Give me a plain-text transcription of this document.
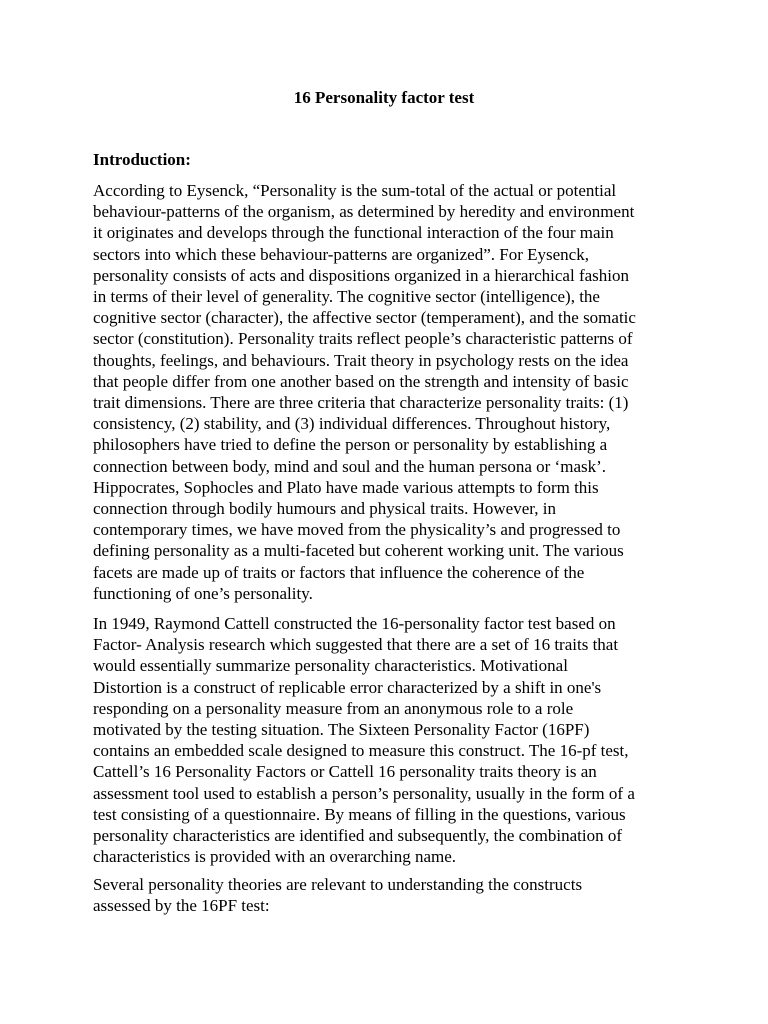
16 Personality factor test
Introduction:

According to Eysenck, “Personality is the sum-total of the actual or potential
behaviour-patterns of the organism, as determined by heredity and environment
it originates and develops through the functional interaction of the four main
sectors into which these behaviour-patterns are organized”. For Eysenck,
personality consists of acts and dispositions organized in a hierarchical fashion
in terms of their level of generality. The cognitive sector (intelligence), the
cognitive sector (character), the affective sector (temperament), and the somatic
sector (constitution). Personality traits reflect people’s characteristic patterns of
thoughts, feelings, and behaviours. Trait theory in psychology rests on the idea
that people differ from one another based on the strength and intensity of basic
trait dimensions. There are three criteria that characterize personality traits: (1)
consistency, (2) stability, and (3) individual differences. Throughout history,
philosophers have tried to define the person or personality by establishing a
connection between body, mind and soul and the human persona or ‘mask’.
Hippocrates, Sophocles and Plato have made various attempts to form this
connection through bodily humours and physical traits. However, in
contemporary times, we have moved from the physicality’s and progressed to
defining personality as a multi-faceted but coherent working unit. The various
facets are made up of traits or factors that influence the coherence of the
functioning of one’s personality.

In 1949, Raymond Cattell constructed the 16-personality factor test based on
Factor- Analysis research which suggested that there are a set of 16 traits that
would essentially summarize personality characteristics. Motivational
Distortion is a construct of replicable error characterized by a shift in one's
responding on a personality measure from an anonymous role to a role
motivated by the testing situation. The Sixteen Personality Factor (16PF)
contains an embedded scale designed to measure this construct. The 16-pf test,
Cattell’s 16 Personality Factors or Cattell 16 personality traits theory is an
assessment tool used to establish a person’s personality, usually in the form of a
test consisting of a questionnaire. By means of filling in the questions, various
personality characteristics are identified and subsequently, the combination of
characteristics is provided with an overarching name.

Several personality theories are relevant to understanding the constructs
assessed by the 16PF test:
